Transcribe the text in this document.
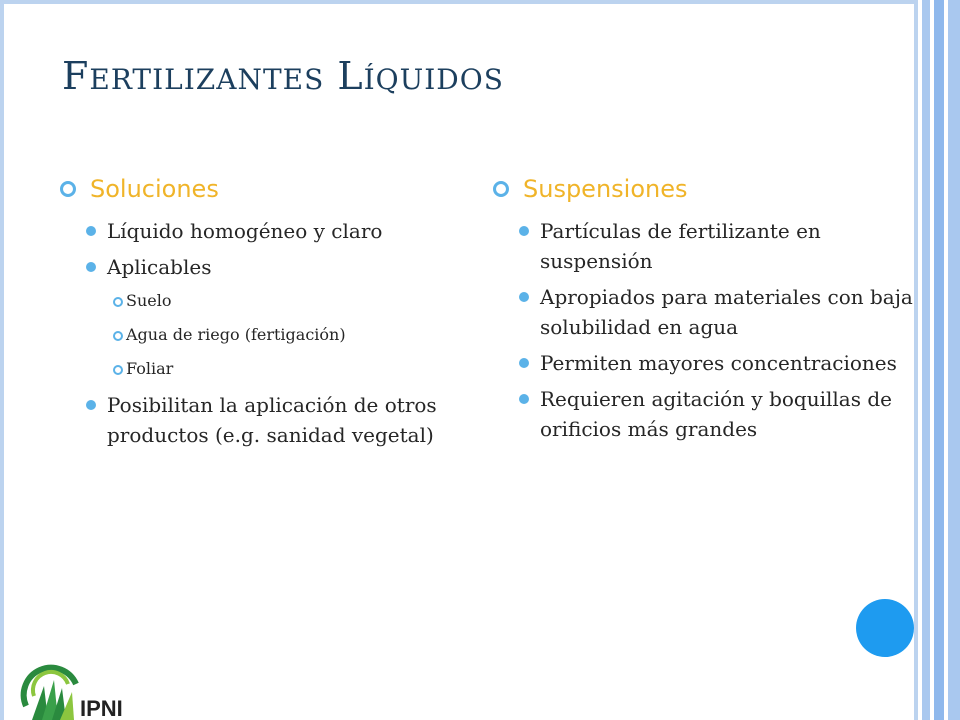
FERTILIZANTES LÍQUIDOS
Soluciones
Líquido homogéneo y claro
Aplicables
Suelo
Agua de riego (fertigación)
Foliar
Posibilitan la aplicación de otros productos (e.g. sanidad vegetal)
Suspensiones
Partículas de fertilizante en suspensión
Apropiados para materiales con baja solubilidad en agua
Permiten mayores concentraciones
Requieren agitación y boquillas de orificios más grandes
IPNI
